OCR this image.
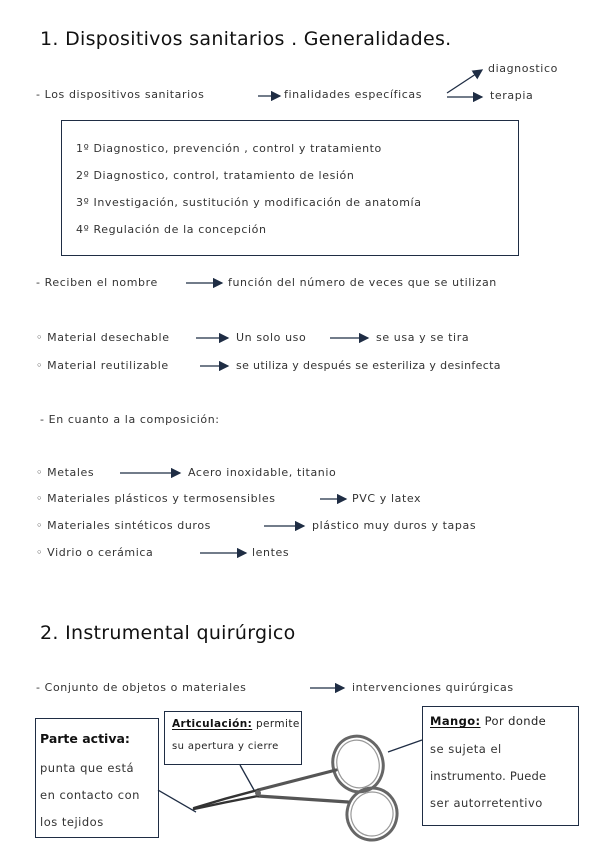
1. Dispositivos sanitarios . Generalidades.
- Los dispositivos sanitarios	finalidades específicas
diagnostico
terapia
1º Diagnostico, prevención , control y tratamiento
2º Diagnostico, control, tratamiento de lesión
3º Investigación, sustitución y modificación de anatomía
4º Regulación de la concepción
- Reciben el nombre	función del número de veces que se utilizan
◦ Material desechable	Un solo uso	se usa y se tira
◦ Material reutilizable	se utiliza y después se esteriliza y desinfecta
- En cuanto a la composición:
◦ Metales	Acero inoxidable, titanio
◦ Materiales plásticos y termosensibles	PVC y latex
◦ Materiales sintéticos duros	plástico muy duros y tapas
◦ Vidrio o cerámica	lentes
2. Instrumental quirúrgico
- Conjunto de objetos o materiales	intervenciones quirúrgicas
Parte activa:
punta que está
en contacto con
los tejidos
Articulación: permite
su apertura y cierre
Mango: Por donde
se sujeta el
instrumento. Puede
ser autorretentivo
